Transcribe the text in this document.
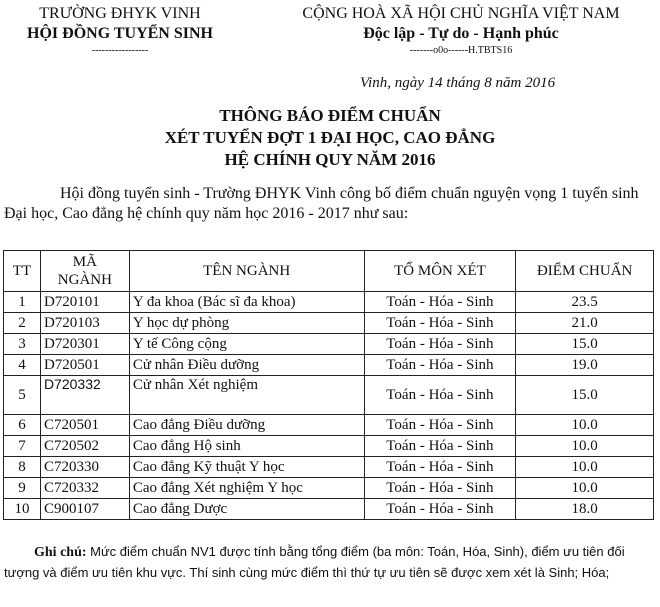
TRƯỜNG ĐHYK VINH
HỘI ĐỒNG TUYỂN SINH
-----------------
CỘNG HOÀ XÃ HỘI CHỦ NGHĨA VIỆT NAM
Độc lập - Tự do - Hạnh phúc
-------o0o------H.TBTS16
Vinh, ngày 14 tháng 8 năm 2016
THÔNG BÁO ĐIỂM CHUẨN
XÉT TUYỂN ĐỢT 1 ĐẠI HỌC, CAO ĐẲNG
HỆ CHÍNH QUY NĂM 2016
Hội đồng tuyển sinh - Trường ĐHYK Vinh công bố điểm chuẩn nguyện vọng 1 tuyển sinh Đại học, Cao đẳng hệ chính quy năm học 2016 - 2017 như sau:
TT	MÃ NGÀNH	TÊN NGÀNH	TỔ MÔN XÉT	ĐIỂM CHUẨN
1	D720101	Y đa khoa (Bác sĩ đa khoa)	Toán - Hóa - Sinh	23.5
2	D720103	Y học dự phòng	Toán - Hóa - Sinh	21.0
3	D720301	Y tế Công cộng	Toán - Hóa - Sinh	15.0
4	D720501	Cử nhân Điều dưỡng	Toán - Hóa - Sinh	19.0
5	D720332	Cử nhân Xét nghiệm	Toán - Hóa - Sinh	15.0
6	C720501	Cao đẳng Điều dưỡng	Toán - Hóa - Sinh	10.0
7	C720502	Cao đẳng Hộ sinh	Toán - Hóa - Sinh	10.0
8	C720330	Cao đẳng Kỹ thuật Y học	Toán - Hóa - Sinh	10.0
9	C720332	Cao đẳng Xét nghiệm Y học	Toán - Hóa - Sinh	10.0
10	C900107	Cao đẳng Dược	Toán - Hóa - Sinh	18.0
Ghi chú: Mức điểm chuẩn NV1 được tính bằng tổng điểm (ba môn: Toán, Hóa, Sinh), điểm ưu tiên đối tượng và điểm ưu tiên khu vực. Thí sinh cùng mức điểm thì thứ tự ưu tiên sẽ được xem xét là Sinh; Hóa;
